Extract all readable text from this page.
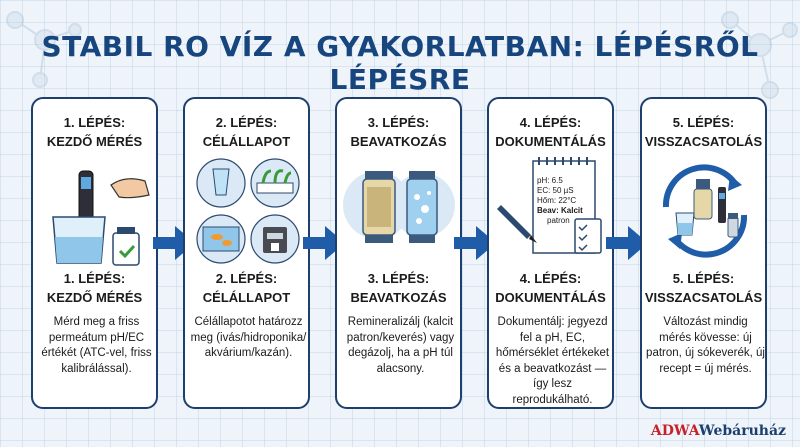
STABIL RO VÍZ A GYAKORLATBAN: LÉPÉSRŐL LÉPÉSRE
1. LÉPÉS:
KEZDŐ MÉRÉS
1. LÉPÉS:
KEZDŐ MÉRÉS
Mérd meg a friss permeátum pH/EC értékét (ATC-vel, friss kalibrálással).
2. LÉPÉS:
CÉLÁLLAPOT
2. LÉPÉS:
CÉLÁLLAPOT
Célállapotot határozz meg (ivás/hidroponika/ akvárium/kazán).
3. LÉPÉS:
BEAVATKOZÁS
3. LÉPÉS:
BEAVATKOZÁS
Remineralizálj (kalcit patron/keverés) vagy degázolj, ha a pH túl alacsony.
4. LÉPÉS:
DOKUMENTÁLÁS
pH: 6.5
EC: 50 µS
Hőm: 22°C
Beav: Kalcit
patron
4. LÉPÉS:
DOKUMENTÁLÁS
Dokumentálj: jegyezd fel a pH, EC, hőmérséklet értékeket és a beavatkozást — így lesz reprodukálható.
5. LÉPÉS:
VISSZACSATOLÁS
5. LÉPÉS:
VISSZACSATOLÁS
Változást mindig mérés kövesse: új patron, új sókeverék, új recept = új mérés.
ADWAWebáruház
